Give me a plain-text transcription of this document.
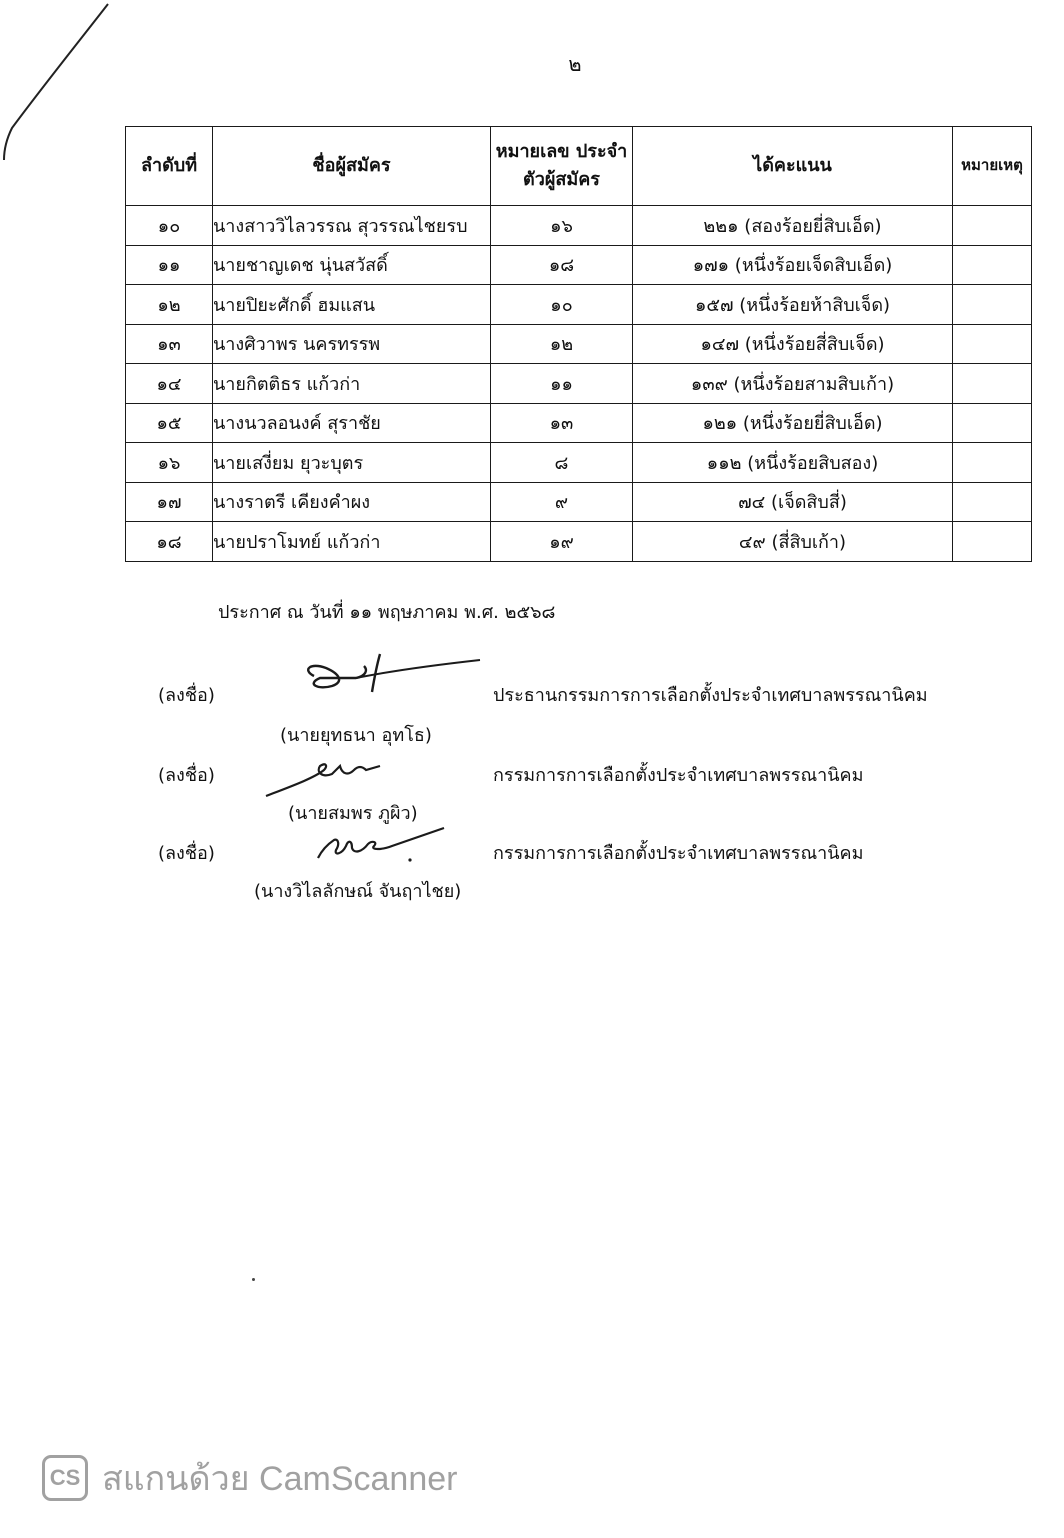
๒
ลำดับที่	ชื่อผู้สมัคร	หมายเลข ประจำตัวผู้สมัคร	ได้คะแนน	หมายเหตุ
๑๐	นางสาววิไลวรรณ สุวรรณไชยรบ	๑๖	๒๒๑ (สองร้อยยี่สิบเอ็ด)	
๑๑	นายชาญเดช นุ่นสวัสดิ์	๑๘	๑๗๑ (หนึ่งร้อยเจ็ดสิบเอ็ด)	
๑๒	นายปิยะศักดิ์ ฮมแสน	๑๐	๑๕๗ (หนึ่งร้อยห้าสิบเจ็ด)	
๑๓	นางศิวาพร นครทรรพ	๑๒	๑๔๗ (หนึ่งร้อยสี่สิบเจ็ด)	
๑๔	นายกิตติธร แก้วก่า	๑๑	๑๓๙ (หนึ่งร้อยสามสิบเก้า)	
๑๕	นางนวลอนงค์ สุราชัย	๑๓	๑๒๑ (หนึ่งร้อยยี่สิบเอ็ด)	
๑๖	นายเสงี่ยม ยุวะบุตร	๘	๑๑๒ (หนึ่งร้อยสิบสอง)	
๑๗	นางราตรี เคียงคำผง	๙	๗๔ (เจ็ดสิบสี่)	
๑๘	นายปราโมทย์ แก้วก่า	๑๙	๔๙ (สี่สิบเก้า)	
ประกาศ ณ วันที่ ๑๑ พฤษภาคม พ.ศ. ๒๕๖๘
(ลงชื่อ)
(นายยุทธนา อุทโธ)
ประธานกรรมการการเลือกตั้งประจำเทศบาลพรรณานิคม
(ลงชื่อ)
(นายสมพร ภูผิว)
กรรมการการเลือกตั้งประจำเทศบาลพรรณานิคม
(ลงชื่อ)
(นางวิไลลักษณ์ จันฤาไชย)
กรรมการการเลือกตั้งประจำเทศบาลพรรณานิคม
CS สแกนด้วย CamScanner
